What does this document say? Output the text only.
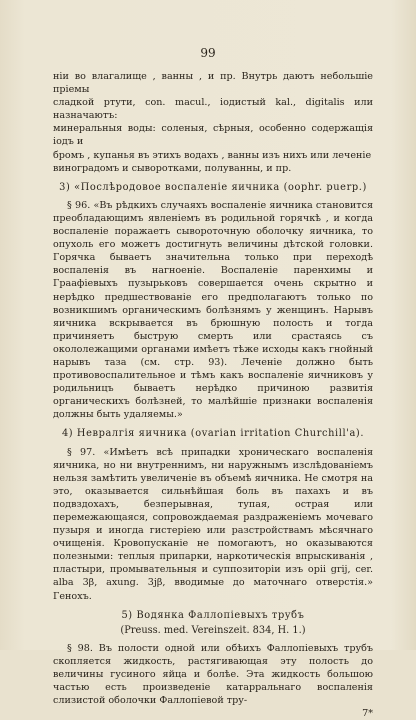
99

нiи во влагалище , ванны , и пр. Внутрь даютъ небольшiе прiемы

сладкой ртути, con. macul., iодистый kal., digitalis или назначаютъ:

минеральныя воды: соленыя, сѣрныя, особенно содержащiя iодъ и

бромъ , купанья въ этихъ водахъ , ванны изъ нихъ или леченiе

виноградомъ и сыворотками, полуванны, и пр.

3) «Послѣродовое воспаленiе яичника (oophr. puerp.)

§ 96. «Въ рѣдкихъ случаяхъ воспаленiе яичника становится преобладающимъ явленiемъ въ родильной горячкѣ , и когда воспаленiе поражаетъ сывороточную оболочку яичника, то опухоль его можетъ достигнуть величины дѣтской головки. Горячка бываетъ значительна только при переходѣ воспаленiя въ нагноенiе. Воспаленiе паренхимы и Граафiевыхъ пузырьковъ совершается очень скрытно и нерѣдко предшествованiе его предполагаютъ только по возникшимъ органическимъ болѣзнямъ у женщинъ. Нарывъ яичника вскрывается въ брюшную полость и тогда причиняетъ быструю смерть или срастаясь съ окололежащими органами имѣетъ тѣже исходы какъ гнойный нарывъ таза (см. стр. 93). Леченiе должно быть противовоспалительное и тѣмъ какъ воспаленiе яичниковъ у родильницъ бываетъ нерѣдко причиною развитiя органическихъ болѣзней, то малѣйшiе признаки воспаленiя должны быть удаляемы.»

4) Невралгiя яичника (ovarian irritation Churchill'а).

§ 97. «Имѣетъ всѣ припадки хроническаго воспаленiя яичника, но ни внутреннимъ, ни наружнымъ изслѣдованiемъ нельзя замѣтить увеличенiе въ объемѣ яичника. Не смотря на это, оказывается сильнѣйшая боль въ пахахъ и въ подвздохахъ, безперывная, тупая, острая или перемежающаяся, сопровождаемая раздраженiемъ мочеваго пузыря и иногда гистерiею или разстройствамъ мѣсячнаго очищенiя. Кровопусканiе не помогаютъ, но оказываются полезными: теплыя припарки, наркотическiя впрыскиванiя , пластыри, промывательныя и суппозиторiи изъ opii grij, cer. alba 3β, axung. 3jβ, вводимые до маточнаго отверстiя.» Генохъ.

5) Водянка Фаллопiевыхъ трубъ

(Preuss. med. Vereinszeit. 834, H. 1.)

§ 98. Въ полости одной или обѣихъ Фаллопiевыхъ трубъ скопляется жидкость, растягивающая эту полость до величины гусиного яйца и болѣе. Эта жидкость большою частью есть произведенiе катарральнаго воспаленiя слизистой оболочки Фаллопiевой тру-

7*
